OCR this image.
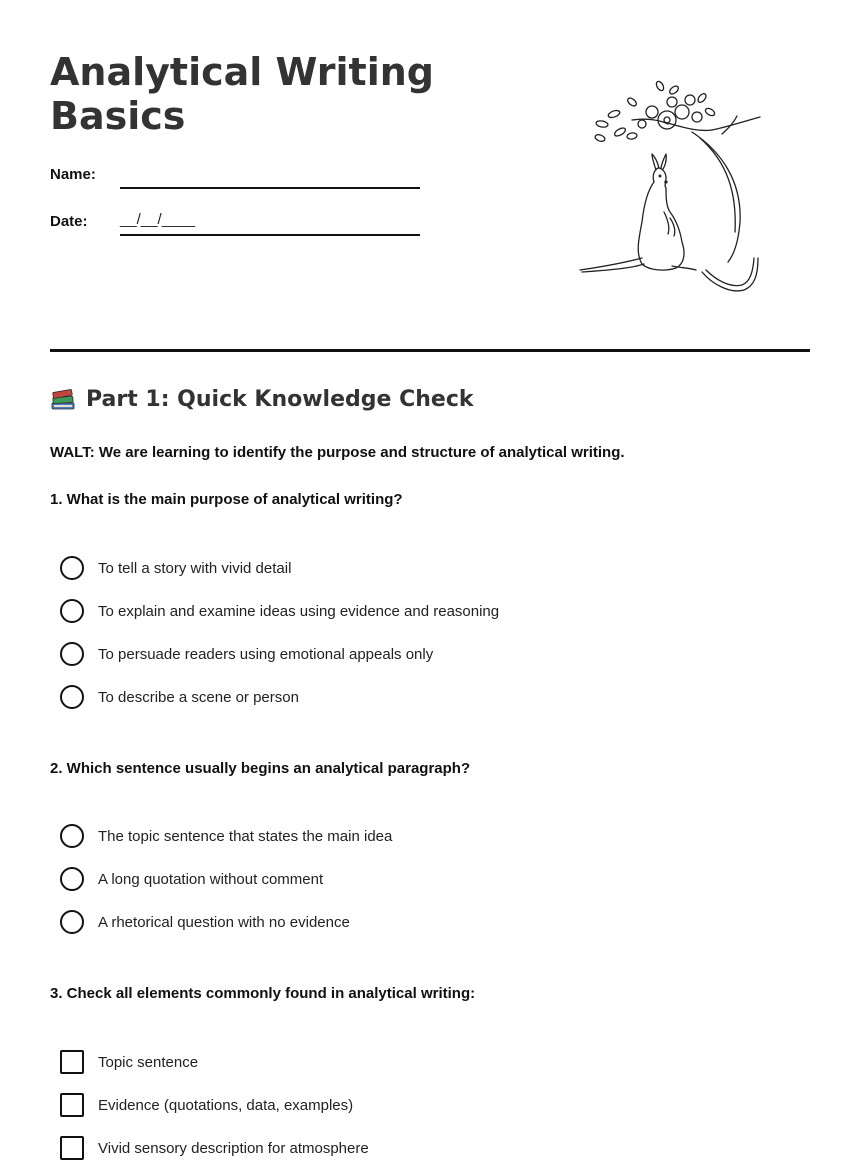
Analytical Writing
Basics
Name:
Date: __/__/____
Part 1: Quick Knowledge Check
WALT: We are learning to identify the purpose and structure of analytical writing.
1. What is the main purpose of analytical writing?
To tell a story with vivid detail
To explain and examine ideas using evidence and reasoning
To persuade readers using emotional appeals only
To describe a scene or person
2. Which sentence usually begins an analytical paragraph?
The topic sentence that states the main idea
A long quotation without comment
A rhetorical question with no evidence
3. Check all elements commonly found in analytical writing:
Topic sentence
Evidence (quotations, data, examples)
Vivid sensory description for atmosphere
